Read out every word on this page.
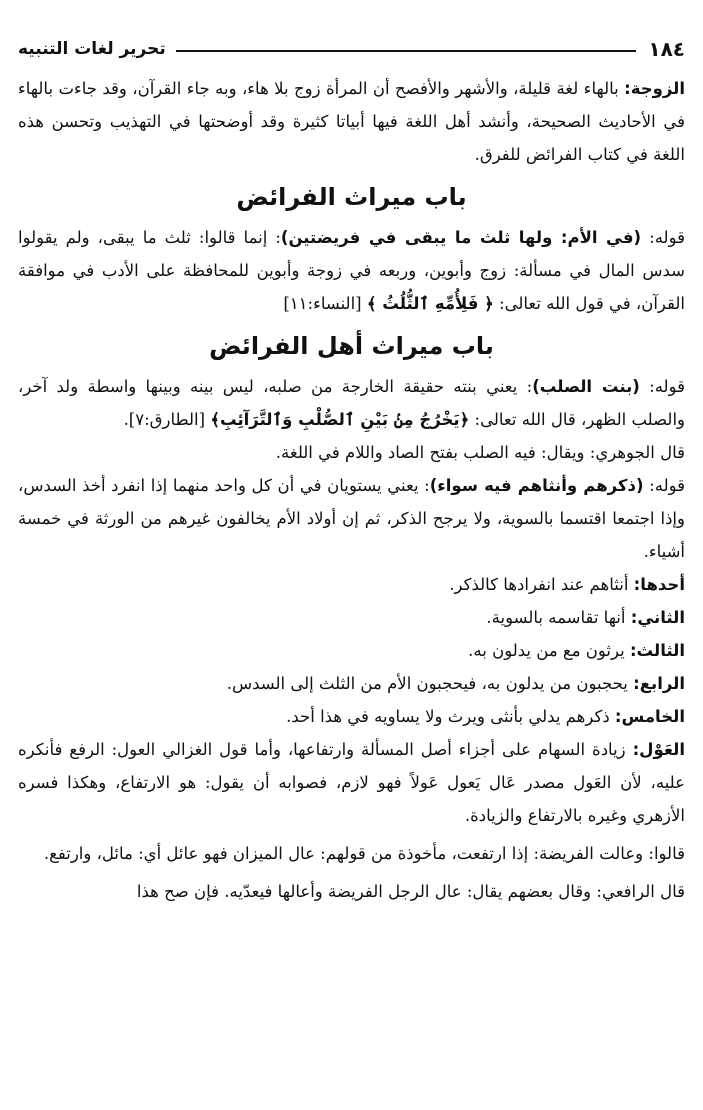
١٨٤
تحرير لغات التنبيه

الزوجة: بالهاء لغة قليلة، والأشهر والأفصح أن المرأة زوج بلا هاء، وبه جاء القرآن، وقد جاءت بالهاء في الأحاديث الصحيحة، وأنشد أهل اللغة فيها أبياتا كثيرة وقد أوضحتها في التهذيب وتحسن هذه اللغة في كتاب الفرائض للفرق.

باب ميراث الفرائض

قوله: (في الأم: ولها ثلث ما يبقى في فريضتين): إنما قالوا: ثلث ما يبقى، ولم يقولوا سدس المال في مسألة: زوج وأبوين، وربعه في زوجة وأبوين للمحافظة على الأدب في موافقة القرآن، في قول الله تعالى: ﴿ فَلِأُمِّهِ ٱلثُّلُثُ ﴾ [النساء:١١]

باب ميراث أهل الفرائض

قوله: (بنت الصلب): يعني بنته حقيقة الخارجة من صلبه، ليس بينه وبينها واسطة ولد آخر، والصلب الظهر، قال الله تعالى: ﴿يَخْرُجُ مِنۢ بَيْنِ ٱلصُّلْبِ وَٱلتَّرَآئِبِ﴾ [الطارق:٧].

قال الجوهري: ويقال: فيه الصلب بفتح الصاد واللام في اللغة.

قوله: (ذكرهم وأنثاهم فيه سواء): يعني يستويان في أن كل واحد منهما إذا انفرد أخذ السدس، وإذا اجتمعا اقتسما بالسوية، ولا يرجح الذكر، ثم إن أولاد الأم يخالفون غيرهم من الورثة في خمسة أشياء.

أحدها: أنثاهم عند انفرادها كالذكر.

الثاني: أنها تقاسمه بالسوية.

الثالث: يرثون مع من يدلون به.

الرابع: يحجبون من يدلون به، فيحجبون الأم من الثلث إلى السدس.

الخامس: ذكرهم يدلي بأنثى ويرث ولا يساويه في هذا أحد.

العَوْل: زيادة السهام على أجزاء أصل المسألة وارتفاعها، وأما قول الغزالي العول: الرفع فأنكره عليه، لأن العَول مصدر عَال يَعول عَولاً فهو لازم، فصوابه أن يقول: هو الارتفاع، وهكذا فسره الأزهري وغيره بالارتفاع والزيادة.

قالوا: وعالت الفريضة: إذا ارتفعت، مأخوذة من قولهم: عال الميزان فهو عائل أي: مائل، وارتفع.

قال الرافعي: وقال بعضهم يقال: عال الرجل الفريضة وأعالها فيعدّيه. فإن صح هذا
